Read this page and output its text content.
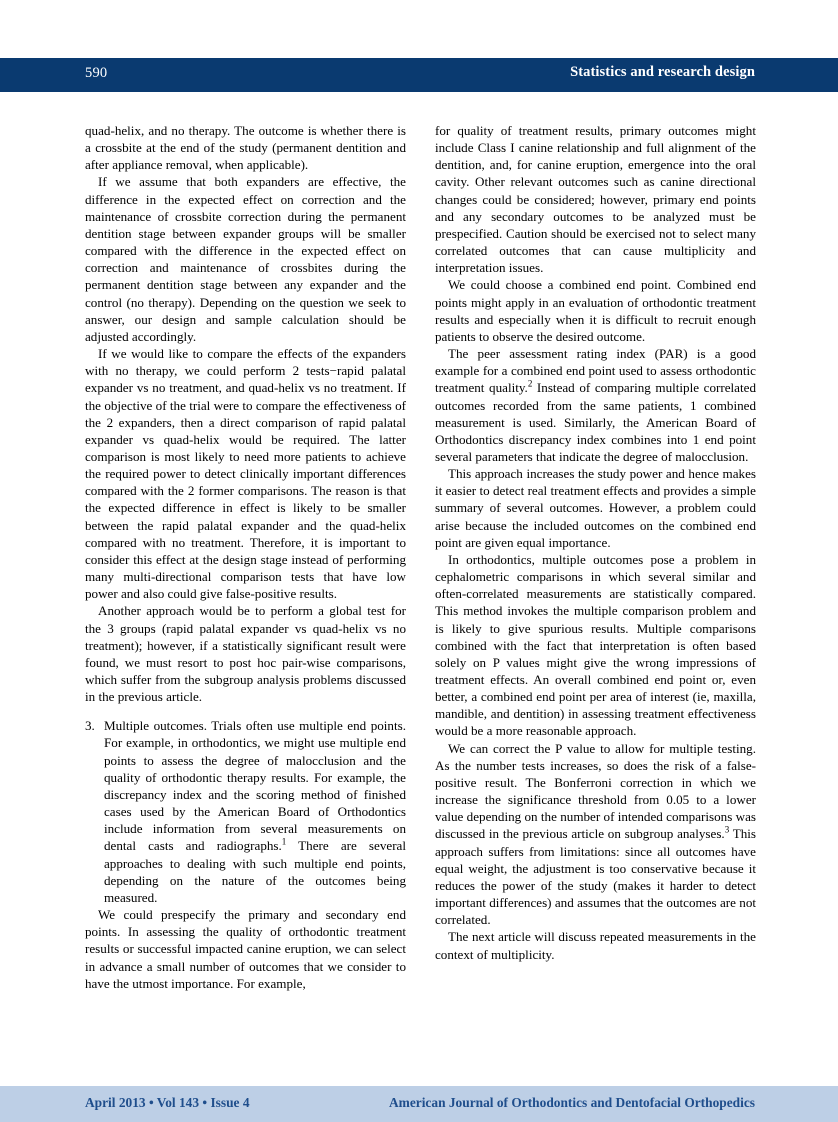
590	Statistics and research design

quad-helix, and no therapy. The outcome is whether there is a crossbite at the end of the study (permanent dentition and after appliance removal, when applicable).

If we assume that both expanders are effective, the difference in the expected effect on correction and the maintenance of crossbite correction during the permanent dentition stage between expander groups will be smaller compared with the difference in the expected effect on correction and maintenance of crossbites during the permanent dentition stage between any expander and the control (no therapy). Depending on the question we seek to answer, our design and sample calculation should be adjusted accordingly.

If we would like to compare the effects of the expanders with no therapy, we could perform 2 tests−rapid palatal expander vs no treatment, and quad-helix vs no treatment. If the objective of the trial were to compare the effectiveness of the 2 expanders, then a direct comparison of rapid palatal expander vs quad-helix would be required. The latter comparison is most likely to need more patients to achieve the required power to detect clinically important differences compared with the 2 former comparisons. The reason is that the expected difference in effect is likely to be smaller between the rapid palatal expander and the quad-helix compared with no treatment. Therefore, it is important to consider this effect at the design stage instead of performing many multi-directional comparison tests that have low power and also could give false-positive results.

Another approach would be to perform a global test for the 3 groups (rapid palatal expander vs quad-helix vs no treatment); however, if a statistically significant result were found, we must resort to post hoc pair-wise comparisons, which suffer from the subgroup analysis problems discussed in the previous article.

3. Multiple outcomes. Trials often use multiple end points. For example, in orthodontics, we might use multiple end points to assess the degree of malocclusion and the quality of orthodontic therapy results. For example, the discrepancy index and the scoring method of finished cases used by the American Board of Orthodontics include information from several measurements on dental casts and radiographs.$^1$ There are several approaches to dealing with such multiple end points, depending on the nature of the outcomes being measured.

We could prespecify the primary and secondary end points. In assessing the quality of orthodontic treatment results or successful impacted canine eruption, we can select in advance a small number of outcomes that we consider to have the utmost importance. For example,

for quality of treatment results, primary outcomes might include Class I canine relationship and full alignment of the dentition, and, for canine eruption, emergence into the oral cavity. Other relevant outcomes such as canine directional changes could be considered; however, primary end points and any secondary outcomes to be analyzed must be prespecified. Caution should be exercised not to select many correlated outcomes that can cause multiplicity and interpretation issues.

We could choose a combined end point. Combined end points might apply in an evaluation of orthodontic treatment results and especially when it is difficult to recruit enough patients to observe the desired outcome.

The peer assessment rating index (PAR) is a good example for a combined end point used to assess orthodontic treatment quality.$^2$ Instead of comparing multiple correlated outcomes recorded from the same patients, 1 combined measurement is used. Similarly, the American Board of Orthodontics discrepancy index combines into 1 end point several parameters that indicate the degree of malocclusion.

This approach increases the study power and hence makes it easier to detect real treatment effects and provides a simple summary of several outcomes. However, a problem could arise because the included outcomes on the combined end point are given equal importance.

In orthodontics, multiple outcomes pose a problem in cephalometric comparisons in which several similar and often-correlated measurements are statistically compared. This method invokes the multiple comparison problem and is likely to give spurious results. Multiple comparisons combined with the fact that interpretation is often based solely on P values might give the wrong impressions of treatment effects. An overall combined end point or, even better, a combined end point per area of interest (ie, maxilla, mandible, and dentition) in assessing treatment effectiveness would be a more reasonable approach.

We can correct the P value to allow for multiple testing. As the number tests increases, so does the risk of a false-positive result. The Bonferroni correction in which we increase the significance threshold from 0.05 to a lower value depending on the number of intended comparisons was discussed in the previous article on subgroup analyses.$^3$ This approach suffers from limitations: since all outcomes have equal weight, the adjustment is too conservative because it reduces the power of the study (makes it harder to detect important differences) and assumes that the outcomes are not correlated.

The next article will discuss repeated measurements in the context of multiplicity.

April 2013 • Vol 143 • Issue 4	American Journal of Orthodontics and Dentofacial Orthopedics
